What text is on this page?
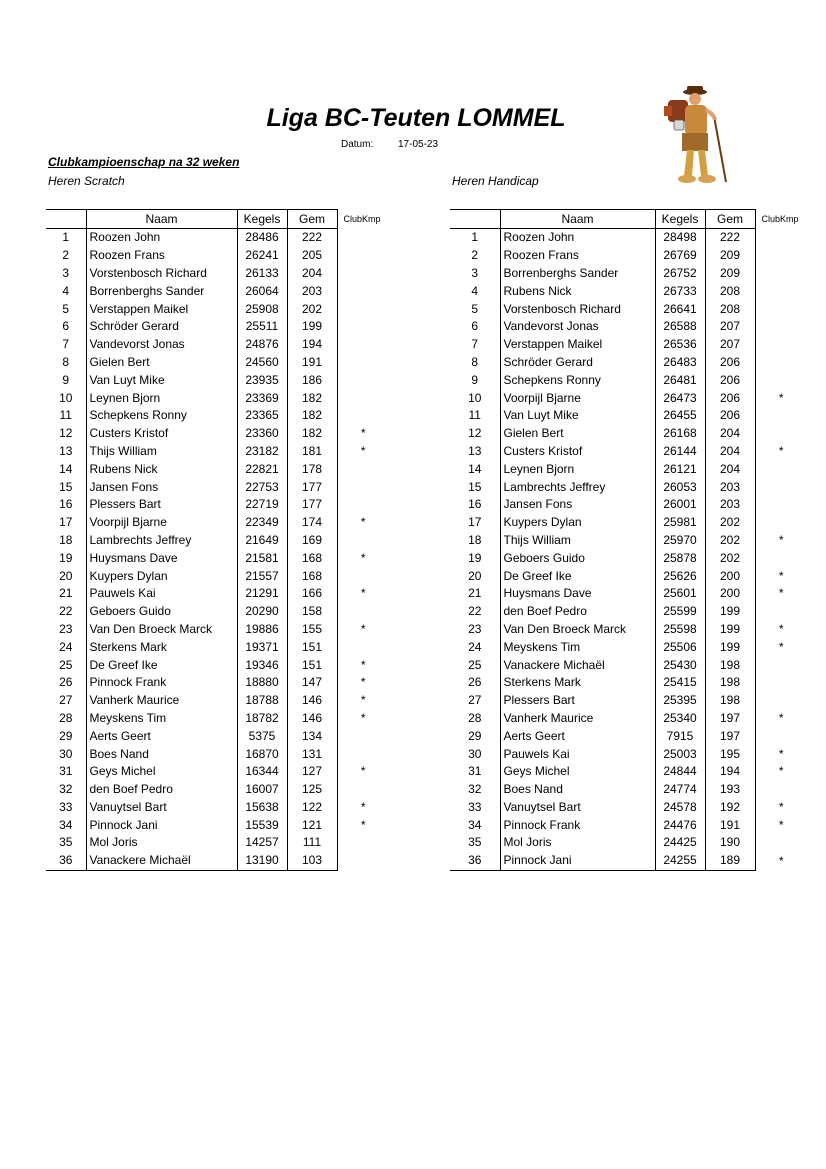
Liga BC-Teuten LOMMEL
Datum: 17-05-23
Clubkampioenschap na 32 weken
Heren Scratch	Heren Handicap
	Naam	Kegels	Gem	ClubKmp
1	Roozen John	28486	222	
2	Roozen Frans	26241	205	
3	Vorstenbosch Richard	26133	204	
4	Borrenberghs Sander	26064	203	
5	Verstappen Maikel	25908	202	
6	Schröder Gerard	25511	199	
7	Vandevorst Jonas	24876	194	
8	Gielen Bert	24560	191	
9	Van Luyt Mike	23935	186	
10	Leynen Bjorn	23369	182	
11	Schepkens Ronny	23365	182	
12	Custers Kristof	23360	182	*
13	Thijs William	23182	181	*
14	Rubens Nick	22821	178	
15	Jansen Fons	22753	177	
16	Plessers Bart	22719	177	
17	Voorpijl Bjarne	22349	174	*
18	Lambrechts Jeffrey	21649	169	
19	Huysmans Dave	21581	168	*
20	Kuypers Dylan	21557	168	
21	Pauwels Kai	21291	166	*
22	Geboers Guido	20290	158	
23	Van Den Broeck Marck	19886	155	*
24	Sterkens Mark	19371	151	
25	De Greef Ike	19346	151	*
26	Pinnock Frank	18880	147	*
27	Vanherk Maurice	18788	146	*
28	Meyskens Tim	18782	146	*
29	Aerts Geert	5375	134	
30	Boes Nand	16870	131	
31	Geys Michel	16344	127	*
32	den Boef Pedro	16007	125	
33	Vanuytsel Bart	15638	122	*
34	Pinnock Jani	15539	121	*
35	Mol Joris	14257	111	
36	Vanackere Michaël	13190	103	
	Naam	Kegels	Gem	ClubKmp
1	Roozen John	28498	222	
2	Roozen Frans	26769	209	
3	Borrenberghs Sander	26752	209	
4	Rubens Nick	26733	208	
5	Vorstenbosch Richard	26641	208	
6	Vandevorst Jonas	26588	207	
7	Verstappen Maikel	26536	207	
8	Schröder Gerard	26483	206	
9	Schepkens Ronny	26481	206	
10	Voorpijl Bjarne	26473	206	*
11	Van Luyt Mike	26455	206	
12	Gielen Bert	26168	204	
13	Custers Kristof	26144	204	*
14	Leynen Bjorn	26121	204	
15	Lambrechts Jeffrey	26053	203	
16	Jansen Fons	26001	203	
17	Kuypers Dylan	25981	202	
18	Thijs William	25970	202	*
19	Geboers Guido	25878	202	
20	De Greef Ike	25626	200	*
21	Huysmans Dave	25601	200	*
22	den Boef Pedro	25599	199	
23	Van Den Broeck Marck	25598	199	*
24	Meyskens Tim	25506	199	*
25	Vanackere Michaël	25430	198	
26	Sterkens Mark	25415	198	
27	Plessers Bart	25395	198	
28	Vanherk Maurice	25340	197	*
29	Aerts Geert	7915	197	
30	Pauwels Kai	25003	195	*
31	Geys Michel	24844	194	*
32	Boes Nand	24774	193	
33	Vanuytsel Bart	24578	192	*
34	Pinnock Frank	24476	191	*
35	Mol Joris	24425	190	
36	Pinnock Jani	24255	189	*
